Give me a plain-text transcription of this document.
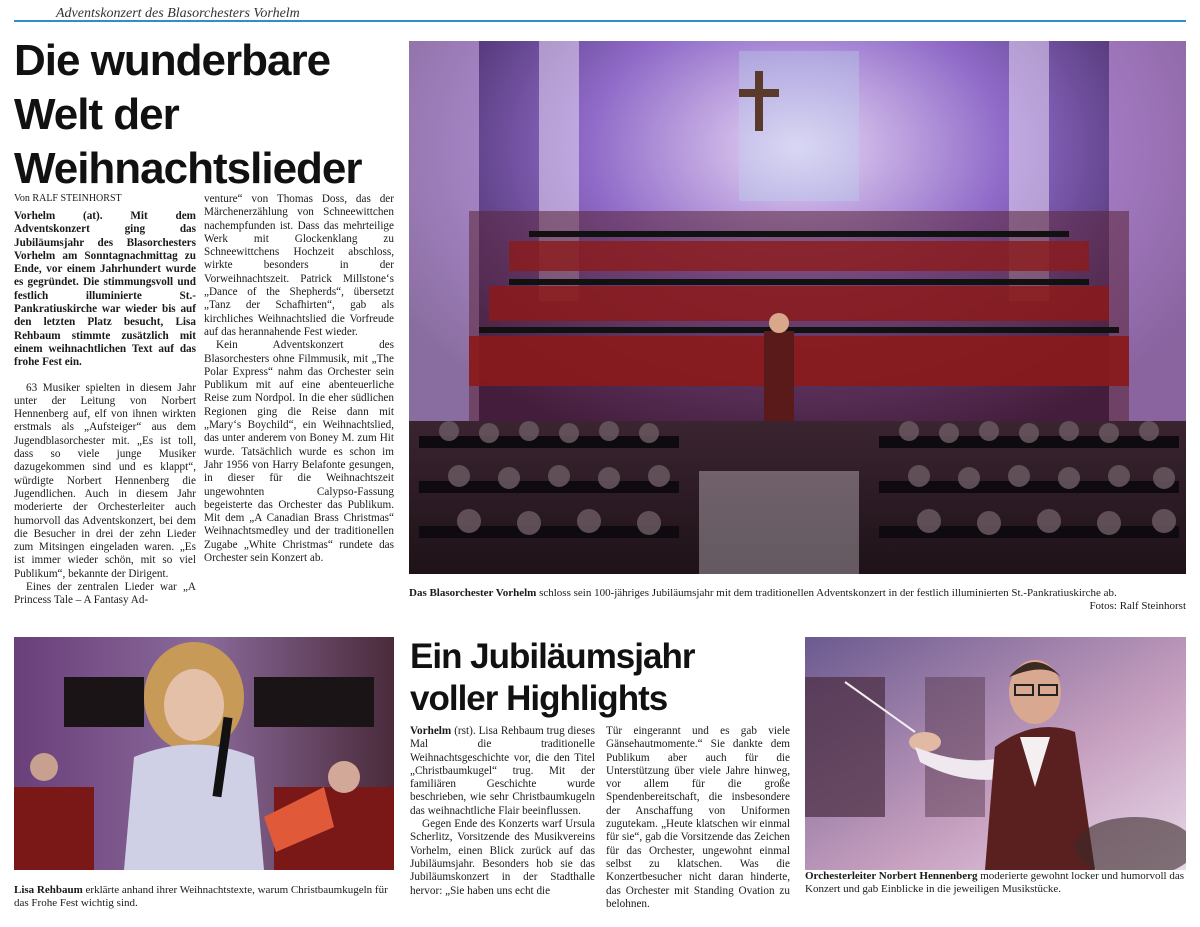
Adventskonzert des Blasorchesters Vorhelm
Die wunderbare Welt der Weihnachtslieder
Von RALF STEINHORST

Vorhelm (at). Mit dem Adventskonzert ging das Jubiläumsjahr des Blasorchesters Vorhelm am Sonntagnachmittag zu Ende, vor einem Jahrhundert wurde es gegründet. Die stimmungsvoll und festlich illuminierte St.-Pankratiuskirche war wieder bis auf den letzten Platz besucht, Lisa Rehbaum stimmte zusätzlich mit einem weihnachtlichen Text auf das frohe Fest ein.

63 Musiker spielten in diesem Jahr unter der Leitung von Norbert Hennenberg auf, elf von ihnen wirkten erstmals als „Aufsteiger“ aus dem Jugendblasorchester mit. „Es ist toll, dass so viele junge Musiker dazugekommen sind und es klappt“, würdigte Norbert Hennenberg die Jugendlichen. Auch in diesem Jahr moderierte der Orchesterleiter auch humorvoll das Adventskonzert, bei dem die Besucher in drei der zehn Lieder zum Mitsingen eingeladen waren. „Es ist immer wieder schön, mit so viel Publikum“, bekannte der Dirigent.

Eines der zentralen Lieder war „A Princess Tale – A Fantasy Ad-

venture“ von Thomas Doss, das der Märchenerzählung von Schneewittchen nachempfunden ist. Dass das mehrteilige Werk mit Glockenklang zu Schneewittchens Hochzeit abschloss, wirkte besonders in der Vorweihnachtszeit. Patrick Millstone‘s „Dance of the Shepherds“, übersetzt „Tanz der Schafhirten“, gab als kirchliches Weihnachtslied die Vorfreude auf das herannahende Fest wieder.

Kein Adventskonzert des Blasorchesters ohne Filmmusik, mit „The Polar Express“ nahm das Orchester sein Publikum mit auf eine abenteuerliche Reise zum Nordpol. In die eher südlichen Regionen ging die Reise dann mit „Mary‘s Boychild“, ein Weihnachtslied, das unter anderem von Boney M. zum Hit wurde. Tatsächlich wurde es schon im Jahr 1956 von Harry Belafonte gesungen, in dieser für die Weihnachtszeit ungewohnten Calypso-Fassung begeisterte das Orchester das Publikum. Mit dem „A Canadian Brass Christmas“ Weihnachtsmedley und der traditionellen Zugabe „White Christmas“ rundete das Orchester sein Konzert ab.

Das Blasorchester Vorhelm schloss sein 100-jähriges Jubiläumsjahr mit dem traditionellen Adventskonzert in der festlich illuminierten St.-Pankratiuskirche ab.
Fotos: Ralf Steinhorst
Lisa Rehbaum erklärte anhand ihrer Weihnachtstexte, warum Christbaumkugeln für das Frohe Fest wichtig sind.
Ein Jubiläumsjahr voller Highlights

Vorhelm (rst). Lisa Rehbaum trug dieses Mal die traditionelle Weihnachtsgeschichte vor, die den Titel „Christbaumkugel“ trug. Mit der familiären Geschichte wurde beschrieben, wie sehr Christbaumkugeln das weihnachtliche Flair beeinflussen.

Gegen Ende des Konzerts warf Ursula Scherlitz, Vorsitzende des Musikvereins Vorhelm, einen Blick zurück auf das Jubiläumsjahr. Besonders hob sie das Jubiläumskonzert in der Stadthalle hervor: „Sie haben uns echt die

Tür eingerannt und es gab viele Gänsehautmomente.“ Sie dankte dem Publikum aber auch für die Unterstützung über viele Jahre hinweg, vor allem für die große Spendenbereitschaft, die insbesondere der Anschaffung von Uniformen zugutekam. „Heute klatschen wir einmal für sie“, gab die Vorsitzende das Zeichen für das Orchester, ungewohnt einmal selbst zu klatschen. Was die Konzertbesucher nicht daran hinderte, das Orchester mit Standing Ovation zu belohnen.

Orchesterleiter Norbert Hennenberg moderierte gewohnt locker und humorvoll das Konzert und gab Einblicke in die jeweiligen Musikstücke.
